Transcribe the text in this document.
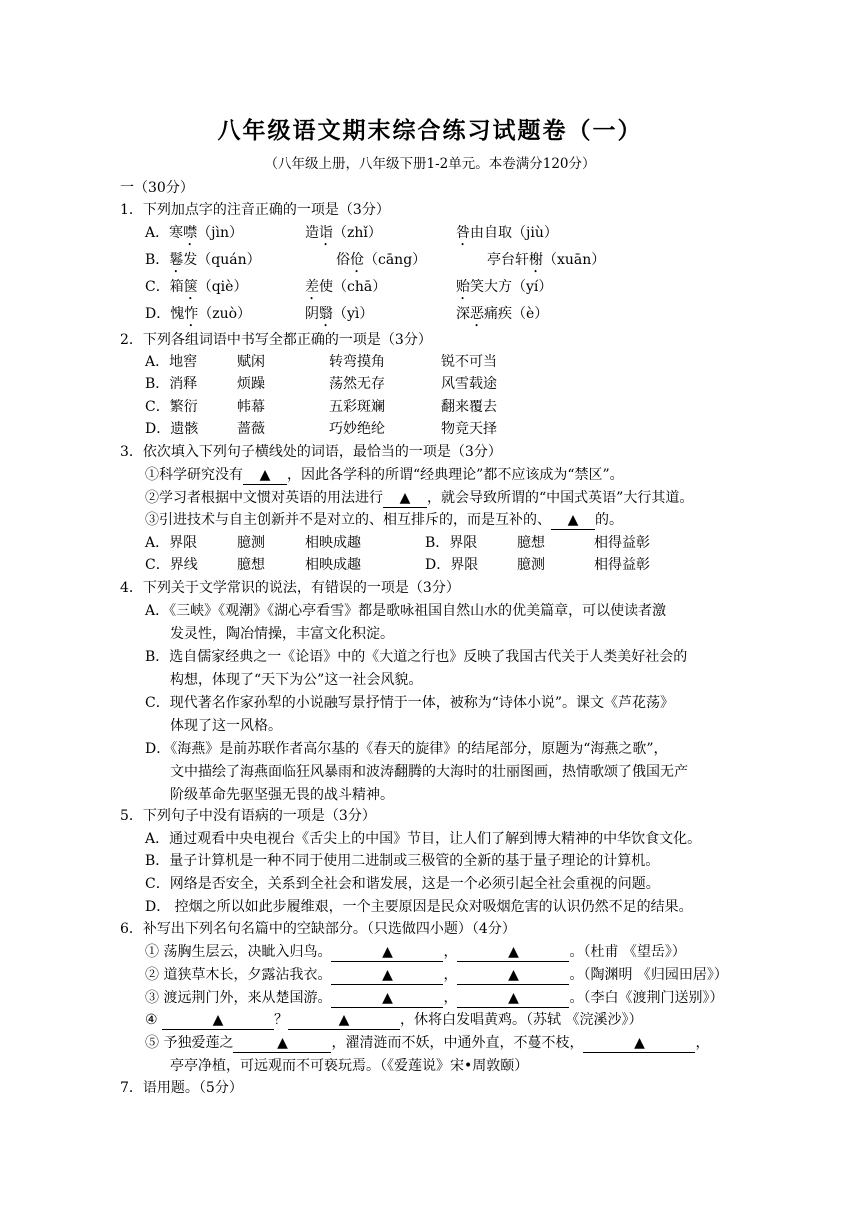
八年级语文期末综合练习试题卷（一）
（八年级上册，八年级下册1-2单元。本卷满分120分）
一（30分）
1．下列加点字的注音正确的一项是（3分）
A．寒噤（jìn）	造诣（zhǐ）	咎由自取（jiù）
B．鬈发（quán）	俗伧（cāng）	亭台轩榭（xuān）
C．箱箧（qiè）	差使（chā）	贻笑大方（yí）
D．愧怍（zuò）	阴翳（yì）	深恶痛疾（è）
2．下列各组词语中书写全都正确的一项是（3分）
A．地窖	赋闲	转弯摸角	锐不可当
B．消释	烦躁	荡然无存	风雪载途
C．繁衍	帏幕	五彩斑斓	翻来覆去
D．遗骸	蔷薇	巧妙绝纶	物竞天择
3．依次填入下列句子横线处的词语，最恰当的一项是（3分）
①科学研究没有 ▲ ，因此各学科的所谓“经典理论”都不应该成为“禁区”。
②学习者根据中文惯对英语的用法进行 ▲ ，就会导致所谓的“中国式英语”大行其道。
③引进技术与自主创新并不是对立的、相互排斥的，而是互补的、 ▲ 的。
A．界限	臆测	相映成趣	B．界限	臆想	相得益彰
C．界线	臆想	相映成趣	D．界限	臆测	相得益彰
4．下列关于文学常识的说法，有错误的一项是（3分）
A．《三峡》《观潮》《湖心亭看雪》都是歌咏祖国自然山水的优美篇章，可以使读者激
发灵性，陶冶情操，丰富文化积淀。
B．选自儒家经典之一《论语》中的《大道之行也》反映了我国古代关于人类美好社会的
构想，体现了“天下为公”这一社会风貌。
C．现代著名作家孙犁的小说融写景抒情于一体，被称为“诗体小说”。课文《芦花荡》
体现了这一风格。
D．《海燕》是前苏联作者高尔基的《春天的旋律》的结尾部分，原题为“海燕之歌”，
文中描绘了海燕面临狂风暴雨和波涛翻腾的大海时的壮丽图画，热情歌颂了俄国无产
阶级革命先驱坚强无畏的战斗精神。
5．下列句子中没有语病的一项是（3分）
A．通过观看中央电视台《舌尖上的中国》节目，让人们了解到博大精神的中华饮食文化。
B．量子计算机是一种不同于使用二进制或三极管的全新的基于量子理论的计算机。
C．网络是否安全，关系到全社会和谐发展，这是一个必须引起全社会重视的问题。
D． 控烟之所以如此步履维艰，一个主要原因是民众对吸烟危害的认识仍然不足的结果。
6．补写出下列名句名篇中的空缺部分。（只选做四小题）（4分）
① 荡胸生层云，决眦入归鸟。	▲	，	▲	。（杜甫 《望岳》）
② 道狭草木长，夕露沾我衣。	▲	，	▲	。（陶渊明 《归园田居》）
③ 渡远荆门外，来从楚国游。	▲	，	▲	。（李白《渡荆门送别》）
④	▲	？	▲	，休将白发唱黄鸡。（苏轼 《浣溪沙》）
⑤ 予独爱莲之	▲	，濯清涟而不妖，中通外直，不蔓不枝，	▲	，
亭亭净植，可远观而不可亵玩焉。（《爱莲说》宋•周敦颐）
7．语用题。（5分）
